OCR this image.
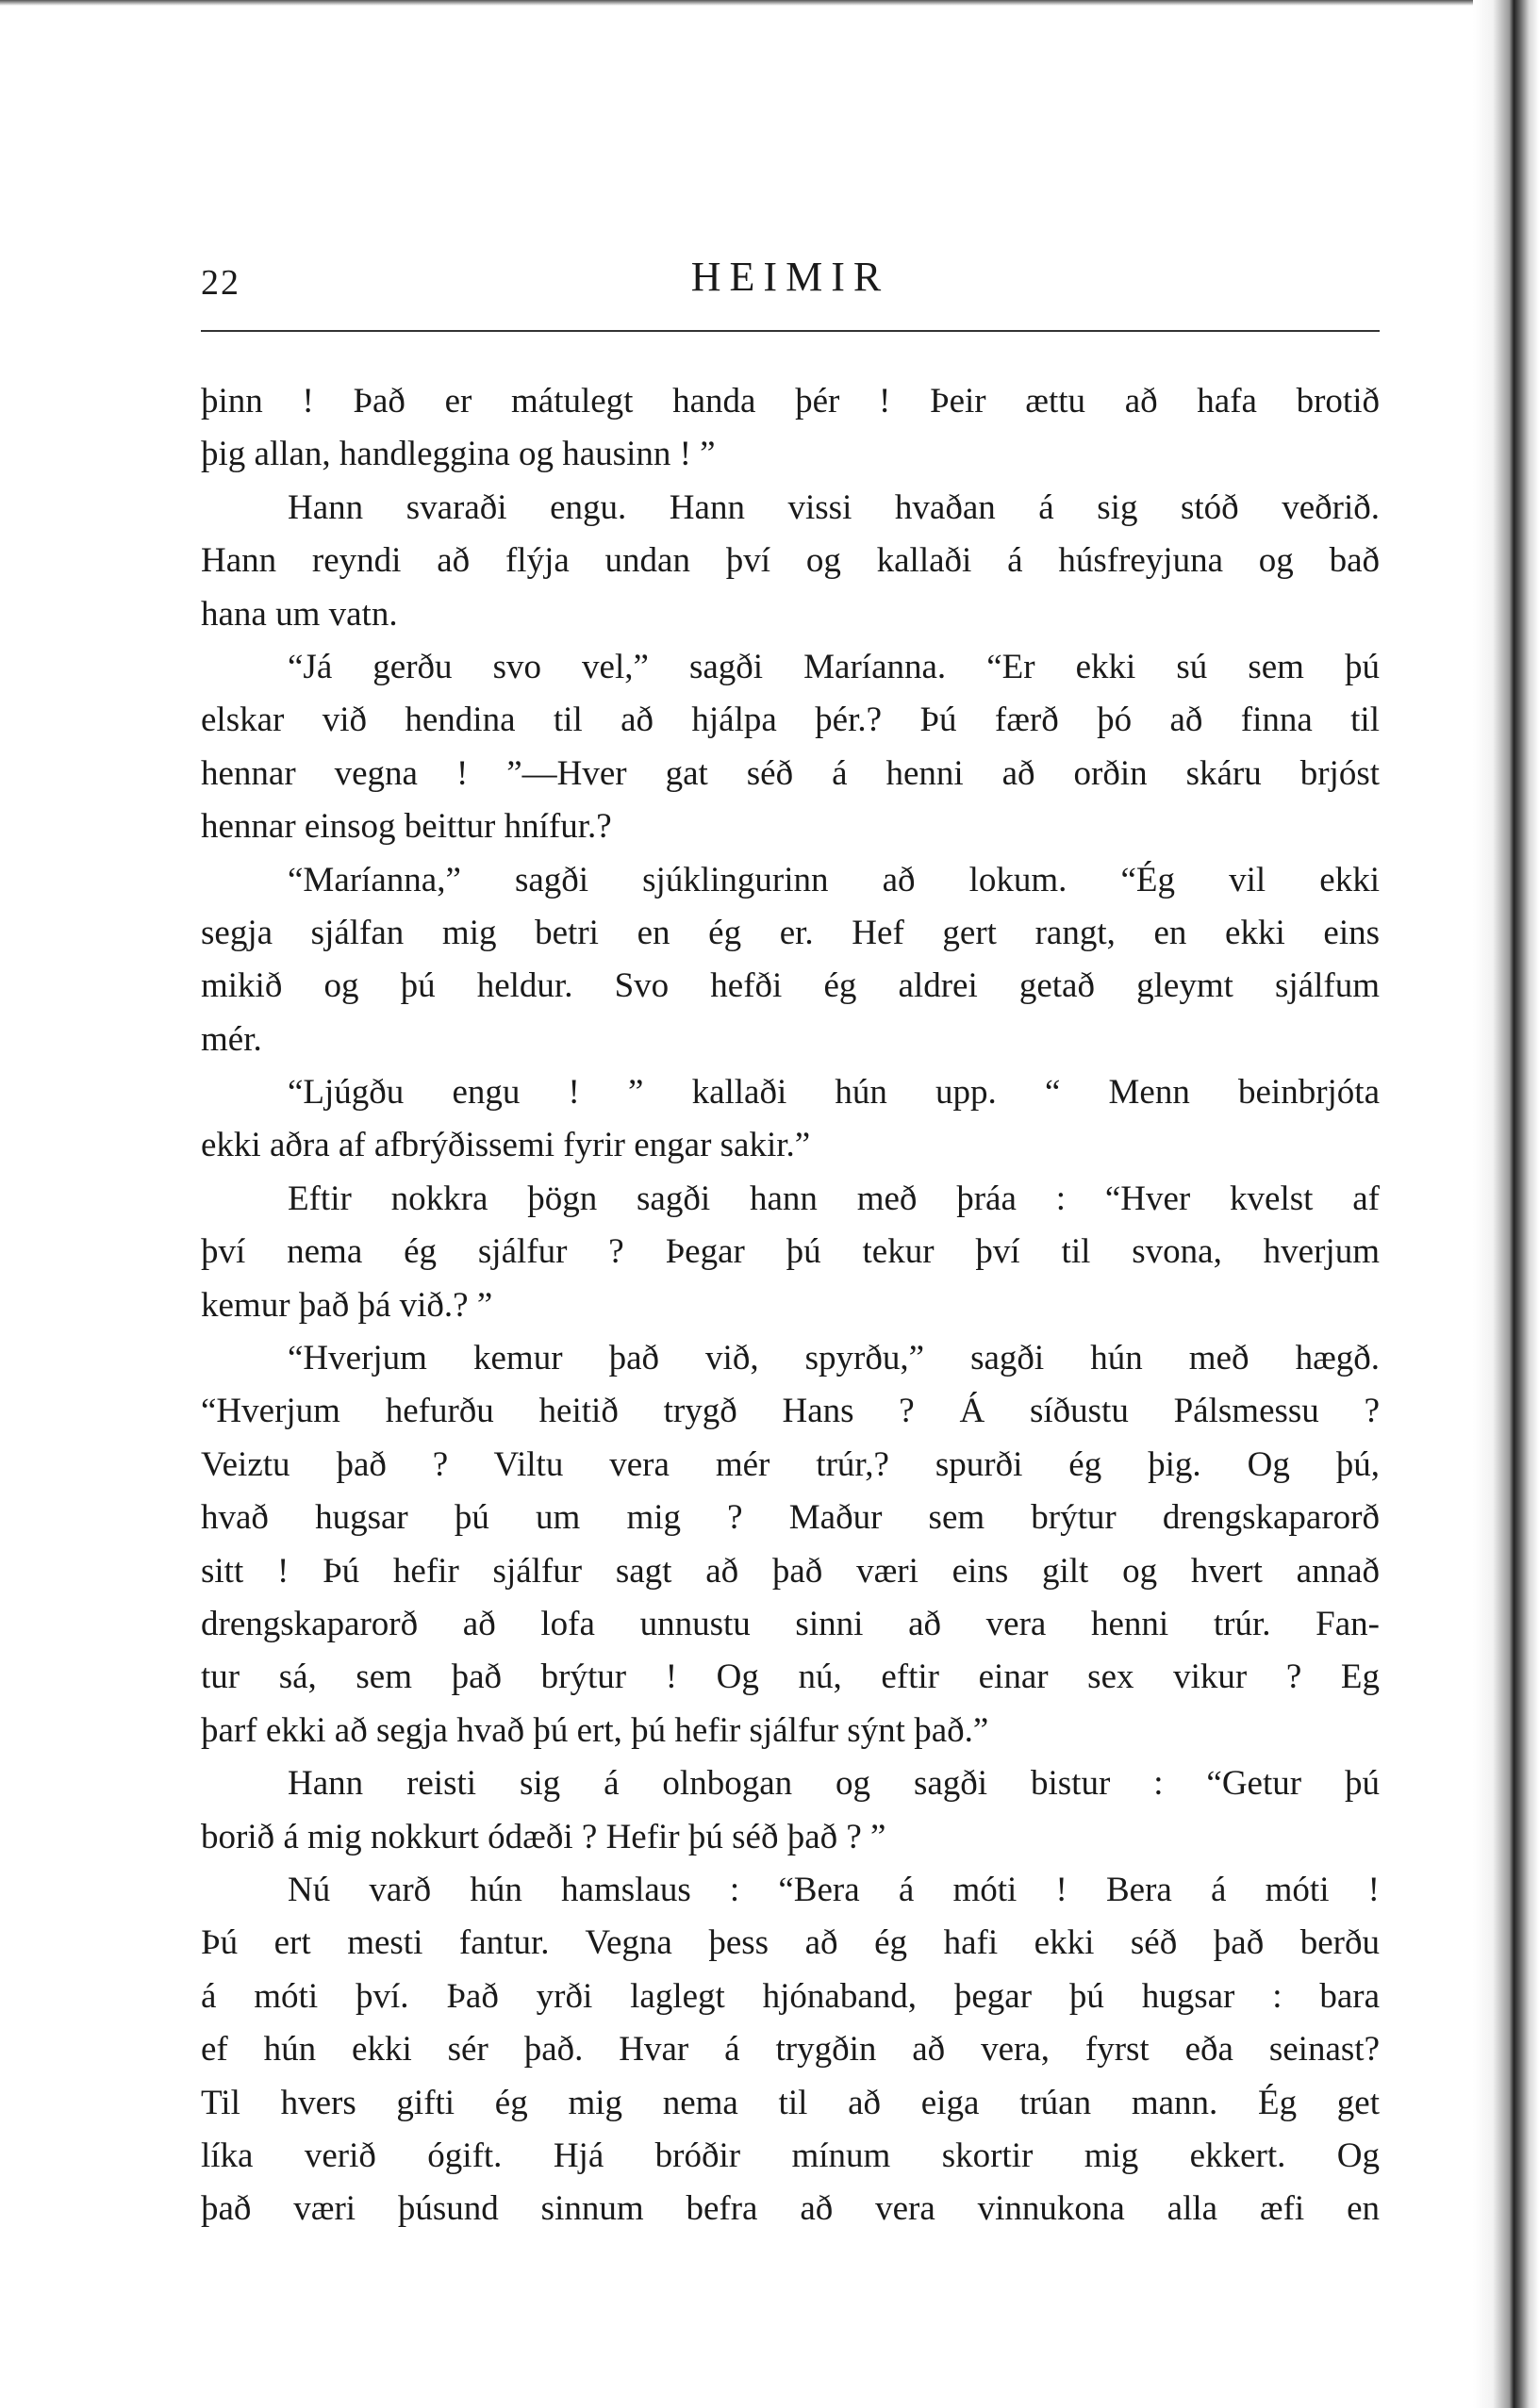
22	HEIMIR
þinn ! Það er mátulegt handa þér ! Þeir ættu að hafa brotið
þig allan, handleggina og hausinn ! ”
Hann svaraði engu. Hann vissi hvaðan á sig stóð veðrið.
Hann reyndi að flýja undan því og kallaði á húsfreyjuna og bað
hana um vatn.
“Já gerðu svo vel,” sagði Maríanna. “Er ekki sú sem þú
elskar við hendina til að hjálpa þér.? Þú færð þó að finna til
hennar vegna ! ”—Hver gat séð á henni að orðin skáru brjóst
hennar einsog beittur hnífur.?
“Maríanna,” sagði sjúklingurinn að lokum. “Ég vil ekki
segja sjálfan mig betri en ég er. Hef gert rangt, en ekki eins
mikið og þú heldur. Svo hefði ég aldrei getað gleymt sjálfum
mér.
“Ljúgðu engu ! ” kallaði hún upp. “ Menn beinbrjóta
ekki aðra af afbrýðissemi fyrir engar sakir.”
Eftir nokkra þögn sagði hann með þráa : “Hver kvelst af
því nema ég sjálfur ? Þegar þú tekur því til svona, hverjum
kemur það þá við.? ”
“Hverjum kemur það við, spyrðu,” sagði hún með hægð.
“Hverjum hefurðu heitið trygð Hans ? Á síðustu Pálsmessu ?
Veiztu það ? Viltu vera mér trúr,? spurði ég þig. Og þú,
hvað hugsar þú um mig ? Maður sem brýtur drengskaparorð
sitt ! Þú hefir sjálfur sagt að það væri eins gilt og hvert annað
drengskaparorð að lofa unnustu sinni að vera henni trúr. Fan-
tur sá, sem það brýtur ! Og nú, eftir einar sex vikur ? Eg
þarf ekki að segja hvað þú ert, þú hefir sjálfur sýnt það.”
Hann reisti sig á olnbogan og sagði bistur : “Getur þú
borið á mig nokkurt ódæði ? Hefir þú séð það ? ”
Nú varð hún hamslaus : “Bera á móti ! Bera á móti !
Þú ert mesti fantur. Vegna þess að ég hafi ekki séð það berðu
á móti því. Það yrði laglegt hjónaband, þegar þú hugsar : bara
ef hún ekki sér það. Hvar á trygðin að vera, fyrst eða seinast?
Til hvers gifti ég mig nema til að eiga trúan mann. Ég get
líka verið ógift. Hjá bróðir mínum skortir mig ekkert. Og
það væri þúsund sinnum befra að vera vinnukona alla æfi en
